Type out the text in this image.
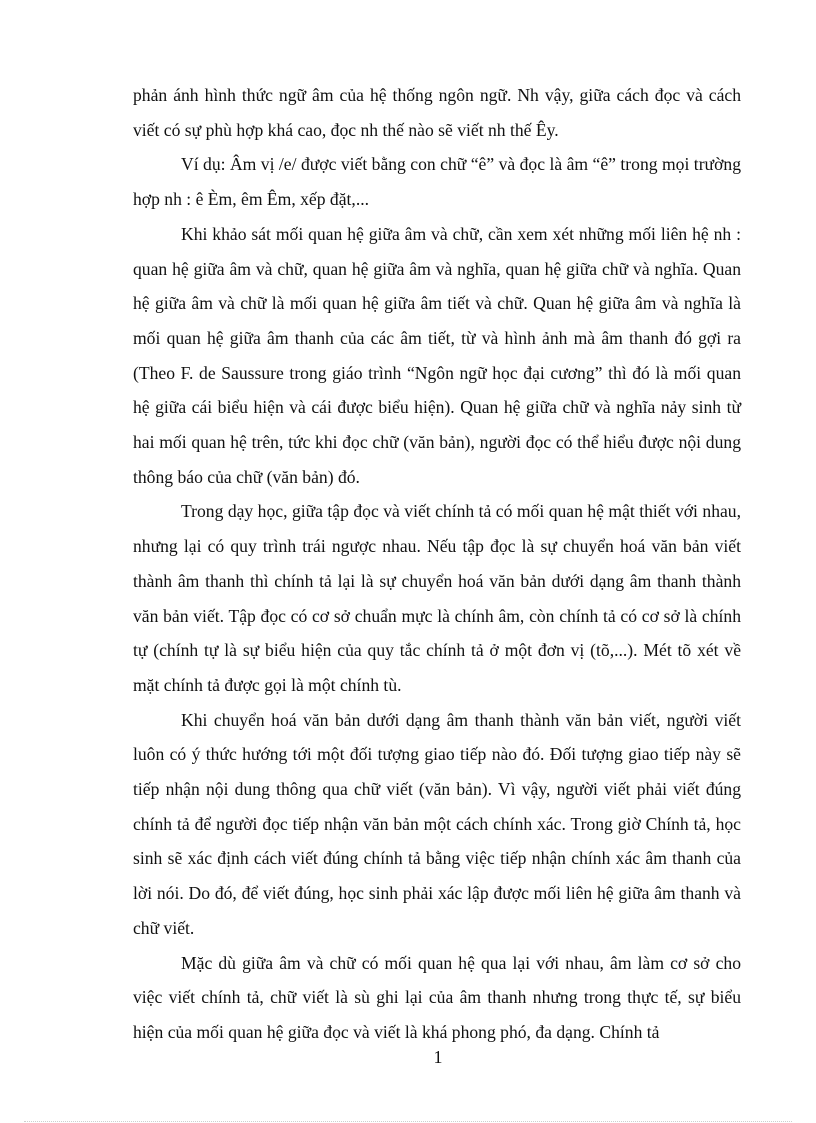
phản ánh hình thức ngữ âm của hệ thống ngôn ngữ. Nh vậy, giữa cách đọc và cách viết có sự phù hợp khá cao, đọc nh thế nào sẽ viết nh thế Êy.

Ví dụ: Âm vị /e/ được viết bằng con chữ “ê” và đọc là âm “ê” trong mọi trường hợp nh : ê Èm, êm Êm, xếp đặt,...

Khi khảo sát mối quan hệ giữa âm và chữ, cần xem xét những mối liên hệ nh : quan hệ giữa âm và chữ, quan hệ giữa âm và nghĩa, quan hệ giữa chữ và nghĩa. Quan hệ giữa âm và chữ là mối quan hệ giữa âm tiết và chữ. Quan hệ giữa âm và nghĩa là mối quan hệ giữa âm thanh của các âm tiết, từ và hình ảnh mà âm thanh đó gợi ra (Theo F. de Saussure trong giáo trình “Ngôn ngữ học đại cương” thì đó là mối quan hệ giữa cái biểu hiện và cái được biểu hiện). Quan hệ giữa chữ và nghĩa nảy sinh từ hai mối quan hệ trên, tức khi đọc chữ (văn bản), người đọc có thể hiểu được nội dung thông báo của chữ (văn bản) đó.

Trong dạy học, giữa tập đọc và viết chính tả có mối quan hệ mật thiết với nhau, nhưng lại có quy trình trái ngược nhau. Nếu tập đọc là sự chuyển hoá văn bản viết thành âm thanh thì chính tả lại là sự chuyển hoá văn bản dưới dạng âm thanh thành văn bản viết. Tập đọc có cơ sở chuẩn mực là chính âm, còn chính tả có cơ sở là chính tự (chính tự là sự biểu hiện của quy tắc chính tả ở một đơn vị (tõ,...). Mét tõ xét về mặt chính tả được gọi là một chính tù.

Khi chuyển hoá văn bản dưới dạng âm thanh thành văn bản viết, người viết luôn có ý thức hướng tới một đối tượng giao tiếp nào đó. Đối tượng giao tiếp này sẽ tiếp nhận nội dung thông qua chữ viết (văn bản). Vì vậy, người viết phải viết đúng chính tả để người đọc tiếp nhận văn bản một cách chính xác. Trong giờ Chính tả, học sinh sẽ xác định cách viết đúng chính tả bằng việc tiếp nhận chính xác âm thanh của lời nói. Do đó, để viết đúng, học sinh phải xác lập được mối liên hệ giữa âm thanh và chữ viết.

Mặc dù giữa âm và chữ có mối quan hệ qua lại với nhau, âm làm cơ sở cho việc viết chính tả, chữ viết là sù ghi lại của âm thanh nhưng trong thực tế, sự biểu hiện của mối quan hệ giữa đọc và viết là khá phong phó, đa dạng. Chính tả

1
